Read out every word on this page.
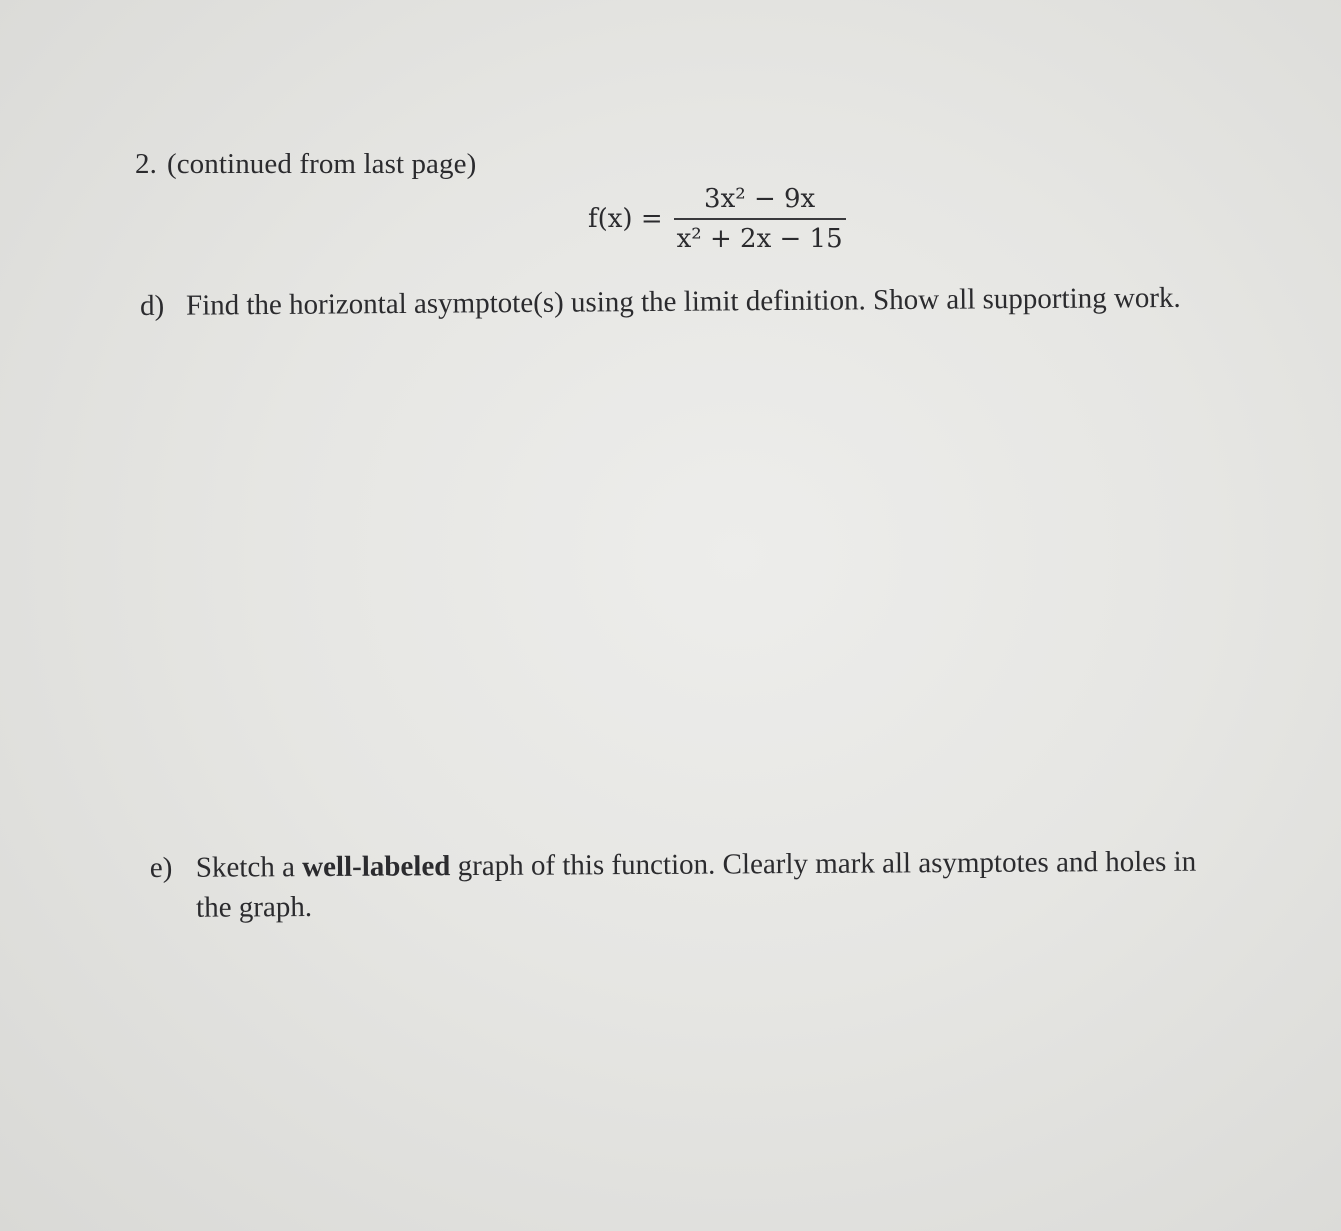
2. (continued from last page)
$f(x) = \frac{\text{3x² − 9x}}{\text{x² + 2x − 15}}$
d) Find the horizontal asymptote(s) using the limit definition. Show all supporting work.
e) Sketch a well-labeled graph of this function. Clearly mark all asymptotes and holes in
the graph.
